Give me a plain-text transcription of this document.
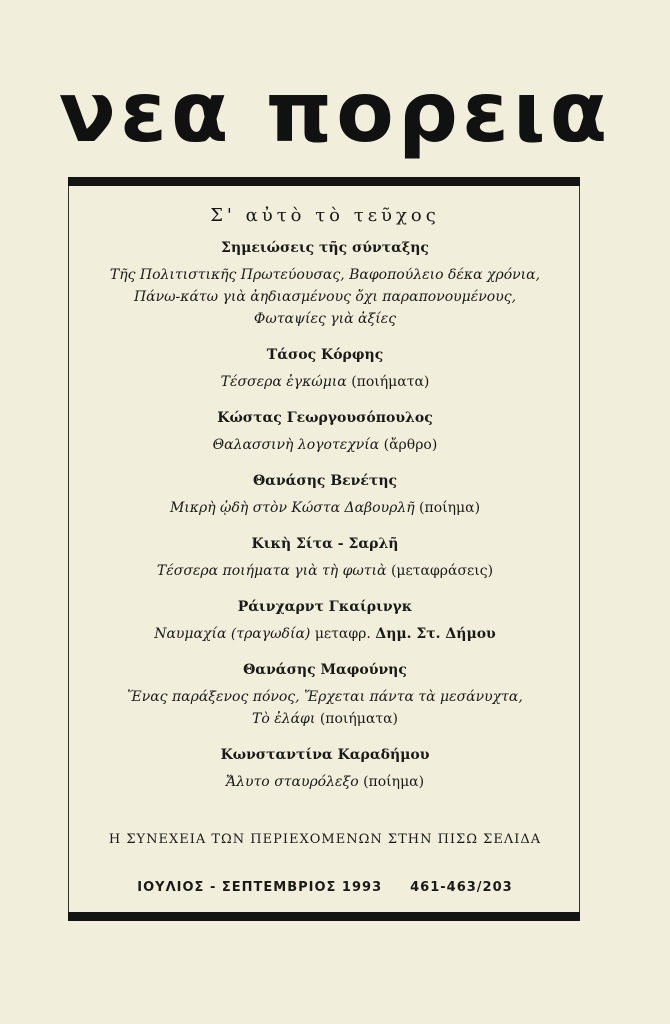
νεα πορεια
Σ' αὐτὸ τὸ τεῦχος
Σημειώσεις τῆς σύνταξης
Τῆς Πολιτιστικῆς Πρωτεύουσας, Βαφοπούλειο δέκα χρόνια,
Πάνω-κάτω γιὰ ἀηδιασμένους ὄχι παραπονουμένους,
Φωταψίες γιὰ ἀξίες
Τάσος Κόρφης
Τέσσερα ἐγκώμια (ποιήματα)
Κώστας Γεωργουσόπουλος
Θαλασσινὴ λογοτεχνία (ἄρθρο)
Θανάσης Βενέτης
Μικρὴ ᾠδὴ στὸν Κώστα Δαβουρλῆ (ποίημα)
Κικὴ Σίτα - Σαρλῆ
Τέσσερα ποιήματα γιὰ τὴ φωτιὰ (μεταφράσεις)
Ράινχαρντ Γκαίρινγκ
Ναυμαχία (τραγωδία) μεταφρ. Δημ. Στ. Δήμου
Θανάσης Μαφούνης
Ἕνας παράξενος πόνος, Ἔρχεται πάντα τὰ μεσάνυχτα,
Τὸ ἐλάφι (ποιήματα)
Κωνσταντίνα Καραδήμου
Ἄλυτο σταυρόλεξο (ποίημα)
Η ΣΥΝΕΧΕΙΑ ΤΩΝ ΠΕΡΙΕΧΟΜΕΝΩΝ ΣΤΗΝ ΠΙΣΩ ΣΕΛΙΔΑ
ΙΟΥΛΙΟΣ - ΣΕΠΤΕΜΒΡΙΟΣ 1993 461-463/203
